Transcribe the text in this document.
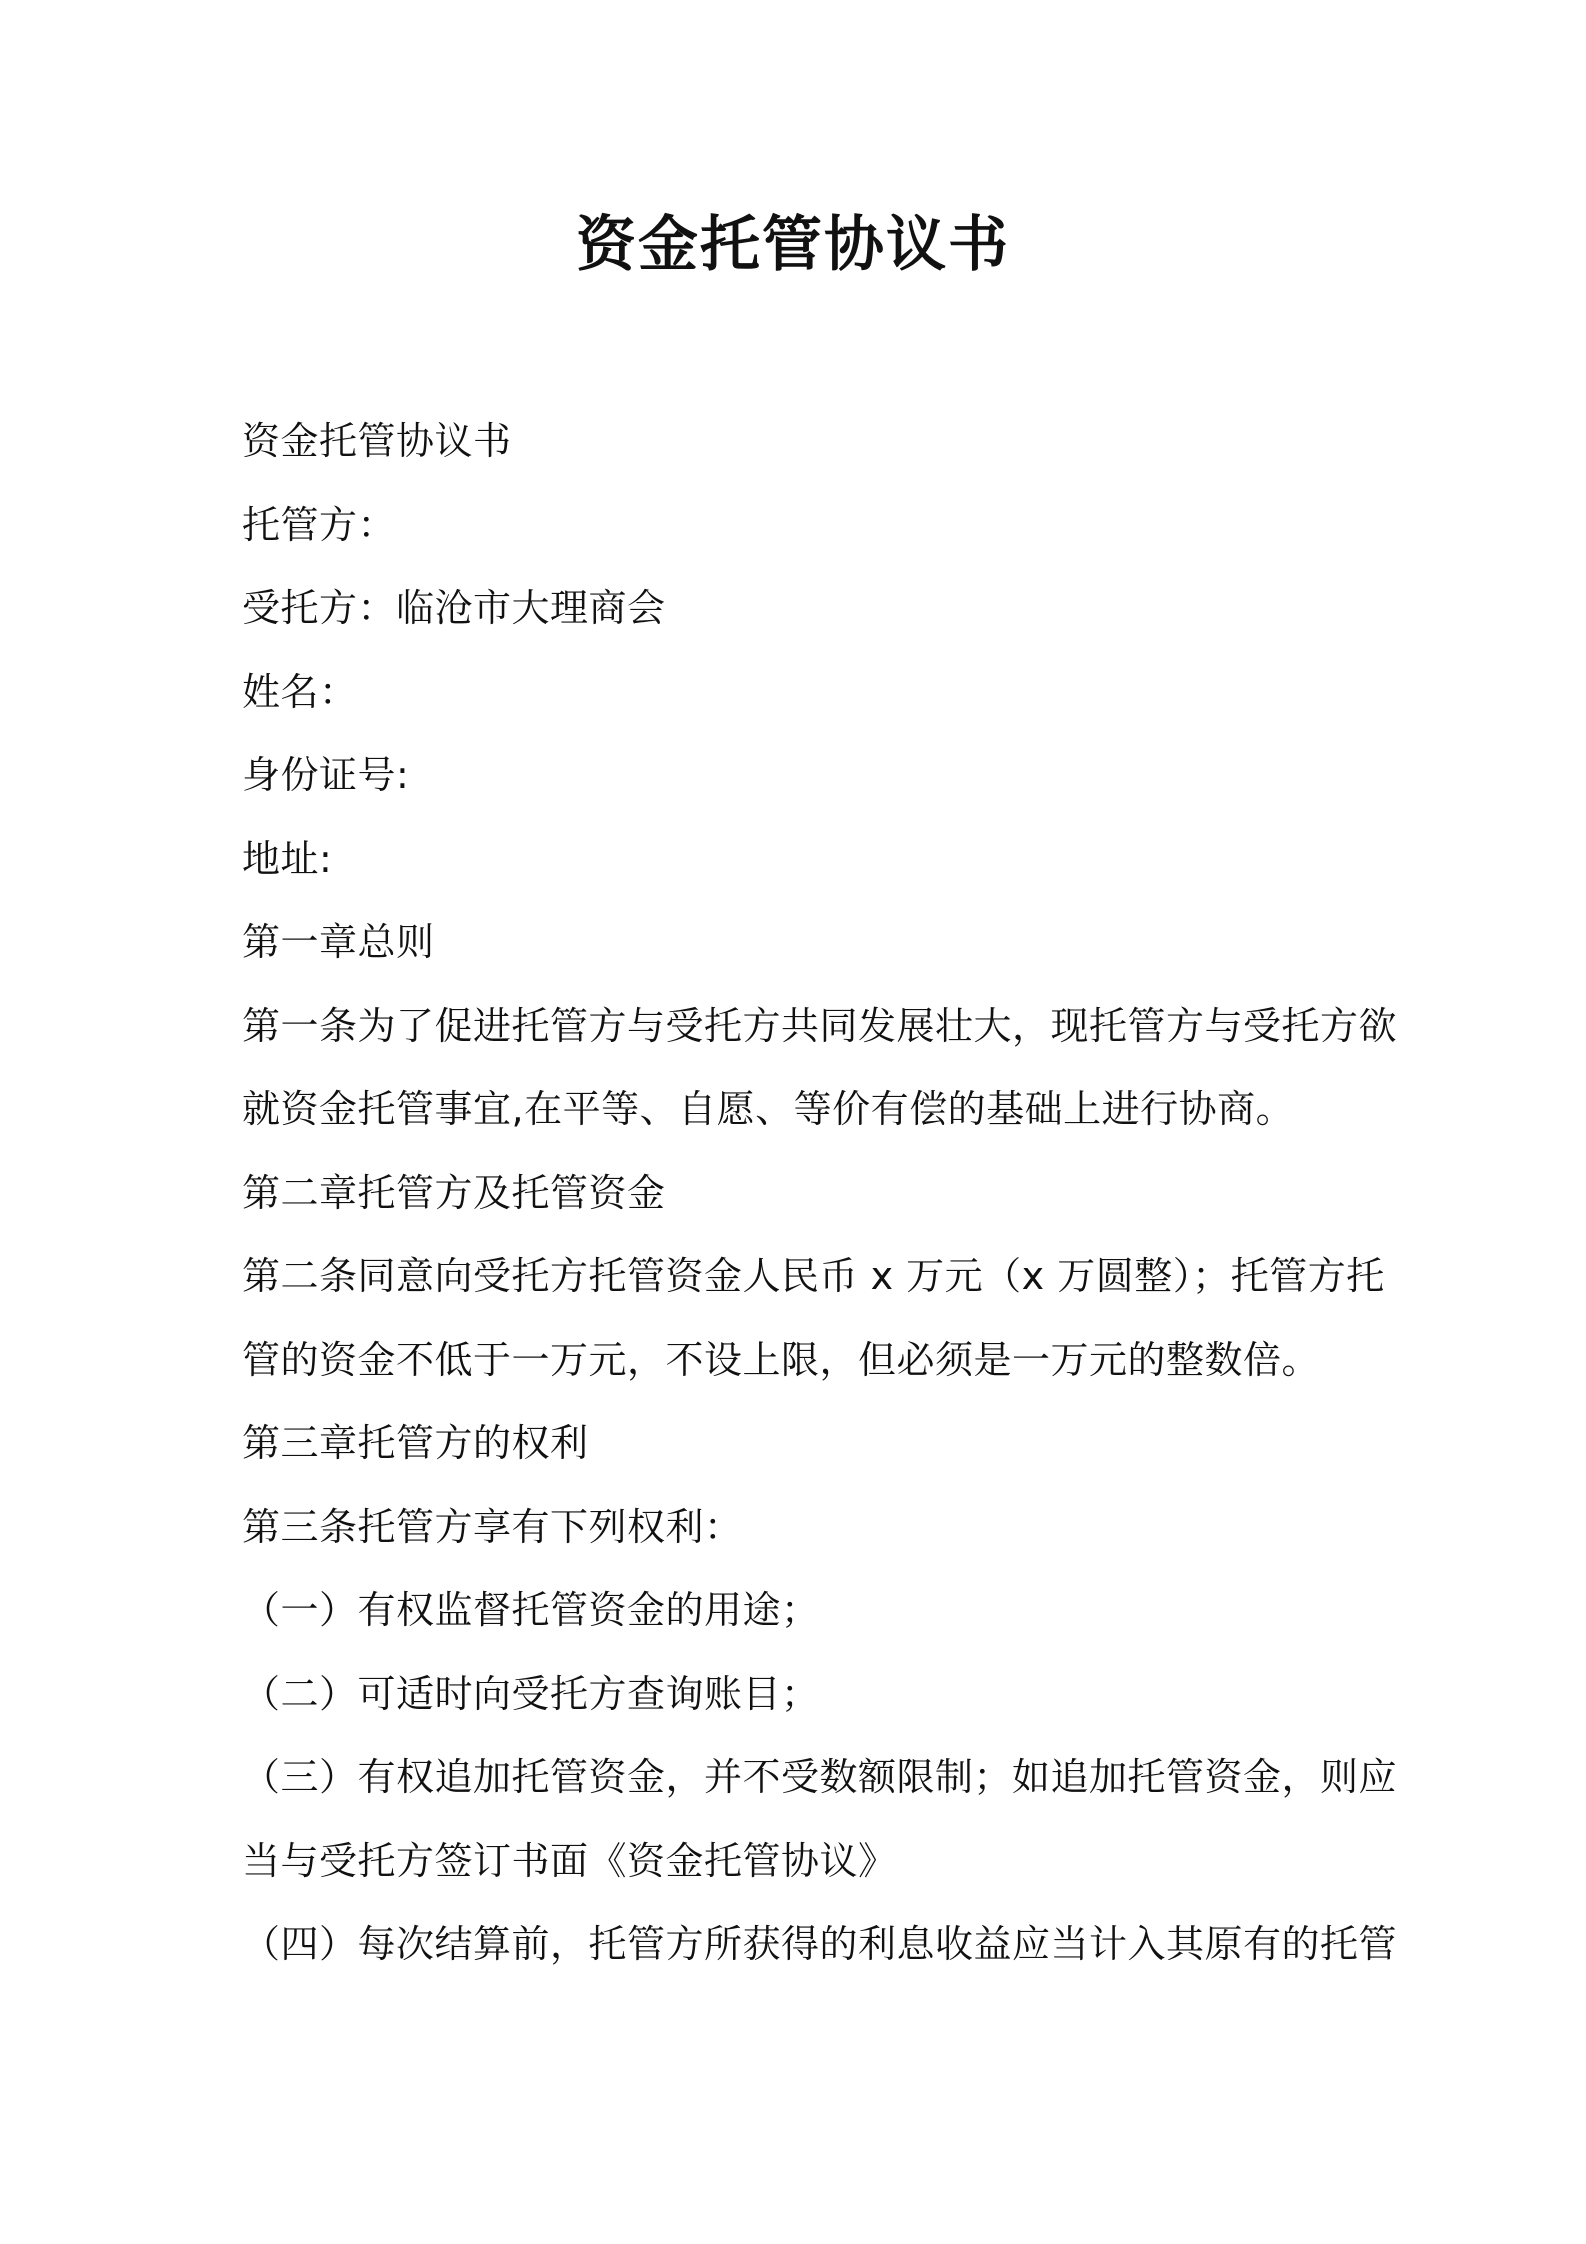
资金托管协议书
资金托管协议书
托管方：
受托方：临沧市大理商会
姓名：
身份证号:
地址:
第一章总则
第一条为了促进托管方与受托方共同发展壮大，现托管方与受托方欲
就资金托管事宜,在平等、自愿、等价有偿的基础上进行协商。
第二章托管方及托管资金
第二条同意向受托方托管资金人民币 x 万元（x 万圆整）；托管方托
管的资金不低于一万元，不设上限，但必须是一万元的整数倍。
第三章托管方的权利
第三条托管方享有下列权利：
（一）有权监督托管资金的用途；
（二）可适时向受托方查询账目；
（三）有权追加托管资金，并不受数额限制；如追加托管资金，则应
当与受托方签订书面《资金托管协议》
（四）每次结算前，托管方所获得的利息收益应当计入其原有的托管
